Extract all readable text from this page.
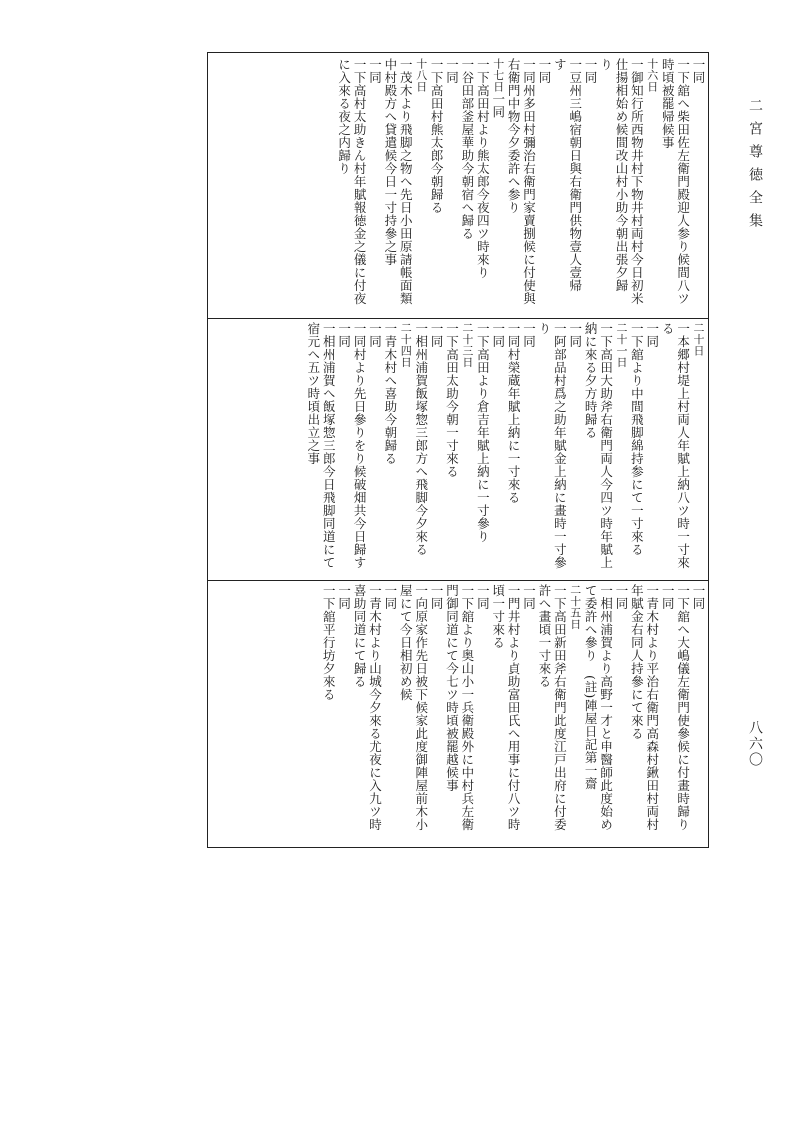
二宮尊徳全集
八六〇

一同

一下舘へ柴田佐左衛門殿迎人参り候間八ツ

時頃被罷帰候事

十六日

一御知行所西物井村下物井村両村今日初米

仕揚相始め候間改山村小助今朝出張夕歸

り

一同

一豆州三嶋宿朝日與右衛門供物壹人壹帰

す

一同

一同州多田村彌治右衛門家賣捌候に付使與

右衛門中物今夕委許へ参り

十七日一同

一下高田村より熊太郎今夜四ツ時來り

一谷田部釜屋華助今朝宿へ歸る

一同

一下高田村熊太郎今朝歸る

十八日

一茂木より飛脚之物へ先日小田原請帳面類

中村殿方へ貸遣候今日一寸持參之事

一同

一下高村太助きん村年賦報徳金之儀に付夜

に入來る夜之内歸り

二十日

一本郷村堤上村両人年賦上納八ツ時一寸來

る

一同

一下舘より中間飛脚綿持参にて一寸來る

二十一日

一下高田大助斧右衛門両人今四ツ時年賦上

納に來る夕方時歸る

一同

一阿部品村爲之助年賦金上納に畫時一寸參

り

一同

一同村榮蔵年賦上納に一寸來る

一同

一下高田より倉吉年賦上納に一寸參り

二十三日

一下高田太助今朝一寸來る

一同

一相州浦賀飯塚惣三郎方へ飛脚今夕來る

二十四日

一青木村へ喜助今朝歸る

一同

一同村より先日參りをり候破畑共今日歸す

一同

一相州浦賀へ飯塚惣三郎今日飛脚同道にて

宿元へ五ツ時頃出立之事

一同

一下舘へ大嶋儀左衛門使參候に付畫時歸り

一同

一青木村より平治右衛門高森村鍬田村両村

年賦金右同人持參にて來る

一同

一相州浦賀より高野一才と申醫師此度始め

て委許へ參り　(註)陣屋日記第一齋

二十五日

一下高田新田斧右衛門此度江戸出府に付委

許へ畫頃一寸來る

一同

一門井村より貞助富田氏へ用事に付八ツ時

頃一寸來る

一同

一下舘より奥山小一兵衛殿外に中村兵左衛

門御同道にて今七ツ時頃被罷越候事

一同

一向原家作先日被下候家此度御陣屋前木小

屋にて今日相初め候

一同

一青木村より山城今夕來る尤夜に入九ツ時

喜助同道にて歸る

一同

一下舘平行坊夕來る
